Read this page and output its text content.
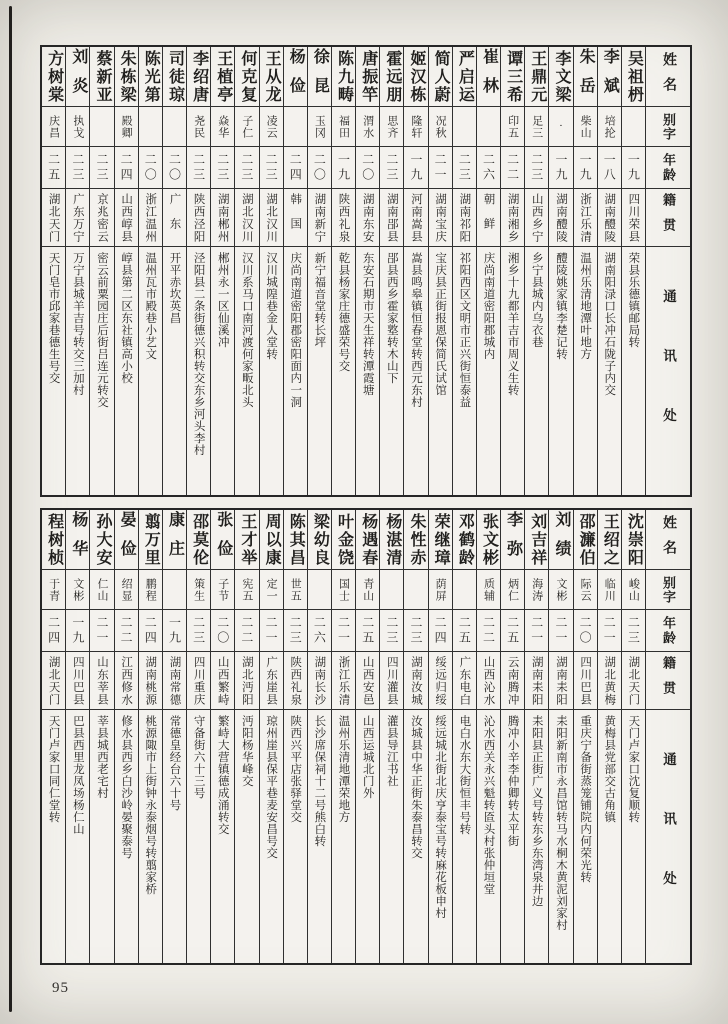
姓名
别字
年龄
籍贯
通讯处
吴祖枬
一九
四川荣县
荣县乐德镇邮局转
李斌
培抡
一八
湖南醴陵
湖南阳渌口长冲石陇子内交
朱岳
柴山
一九
浙江乐清
温州乐清地潭叶地方
李文梁
·
一九
湖南醴陵
醴陵姚家镇李楚记转
王鼎元
足三
二三
山西乡宁
乡宁县城内乌衣巷
谭三希
印五
二二
湖南湘乡
湘乡十九都羊吉市周义生转
崔林
二六
朝鲜
庆尚南道密阳郡城内
严启运
二三
湖南祁阳
祁阳西区文明市正兴街恒泰益
简人蔚
况秋
二一
湖南宝庆
宝庆县正街报恩保简氏试馆
姬汉栋
隆轩
一九
河南嵩县
嵩县鸣皋镇恒春堂转西元东村
霍远朋
思齐
二三
湖南郘县
郘县西乡霍家墪转木山下
唐振竿
渭水
二〇
湖南东安
东安石期市天生祥转潭霞塘
陈九畴
福田
一九
陕西礼泉
乾县杨家庄德盛荣号交
徐昆
玉冈
二〇
湖南新宁
新宁福音堂转长坪
杨俭
二四
韩国
庆尚南道密阳郡密阳面内一洞
王从龙
凌云
二三
湖北汉川
汉川城隍巷金人堂转
何克复
子仁
二三
湖北汉川
汉川系马口南河渡何家畈北头
王植亭
焱华
二三
湖南郴州
郴州永一区仙溪冲
李绍唐
尧民
二三
陕西泾阳
泾阳县二条街德兴积转交东乡河头李村
司徒琼
二〇
广东
开平赤坎英昌
陈光第
二〇
浙江温州
温州瓦市殿巷小艺文
朱栋梁
殿卿
二四
山西崞县
崞县第二区东社镇高小校
蔡新亚
二三
京兆密云
密云前粟园庄后街吕连元转交
刘炎
执戈
二三
广东万宁
万宁县城羊吉号转交三加村
方树棠
庆昌
二五
湖北天门
天门皂市邱家巷德生号交
姓名
别字
年龄
籍贯
通讯处
沈崇阳
峻山
二三
湖北天门
天门卢家口沈复顺转
王绍之
临川
二一
湖北黄梅
黄梅县党部交古角镇
邵濂伯
际云
二〇
四川巴县
重庆宁备街蒸笼铺院内何荣光转
刘绩
文彬
二一
湖南耒阳
耒阳新南市永昌馆转马水桐木黄泥刘家村
刘吉祥
海涛
二一
湖南耒阳
耒阳县正街广义号转东乡东湾泉井边
李弥
炳仁
二五
云南腾冲
腾冲小辛李仲卿转太平街
张文彬
质辅
二二
山西沁水
沁水西关永兴魁转匼头村张仲垣堂
邓鹤龄
二五
广东电白
电白水东大街恒丰号转
荣继璋
荫屏
二四
绥远归绥
绥远城北街北庆亨泰宝号转麻花板申村
朱性赤
二三
湖南汝城
汝城县中华正街朱泰昌转交
杨湛清
二三
四川灌县
灌县导江书社
杨遇春
青山
二五
山西安邑
山西运城北门外
叶金饶
国士
二一
浙江乐清
温州乐清地潭荣地方
梁幼良
二六
湖南长沙
长沙席保祠十二号熊白转
陈其昌
世五
二三
陕西礼泉
陕西兴平店张驿堂交
周以康
定一
二一
广东崖县
琼州崖县保平巷麦安昌号交
王才举
宪五
二二
湖北沔阳
沔阳杨华峰交
张俭
子节
二〇
山西繁峙
繁峙大营镇德成涌转交
邵莫伦
策生
二三
四川重庆
守备街六十三号
康庄
一九
湖南常德
常德皇经台六十号
翦万里
鹏程
二四
湖南桃源
桃源陬市上街钟永泰烟号转翦家桥
晏俭
绍显
二二
江西修水
修水县西乡白沙岭晏聚泰号
孙大安
仁山
二一
山东莘县
莘县城西老宅村
杨华
文彬
一九
四川巴县
巴县西里龙凤场杨仁山
程树桢
于青
二四
湖北天门
天门卢家口同仁堂转
95
